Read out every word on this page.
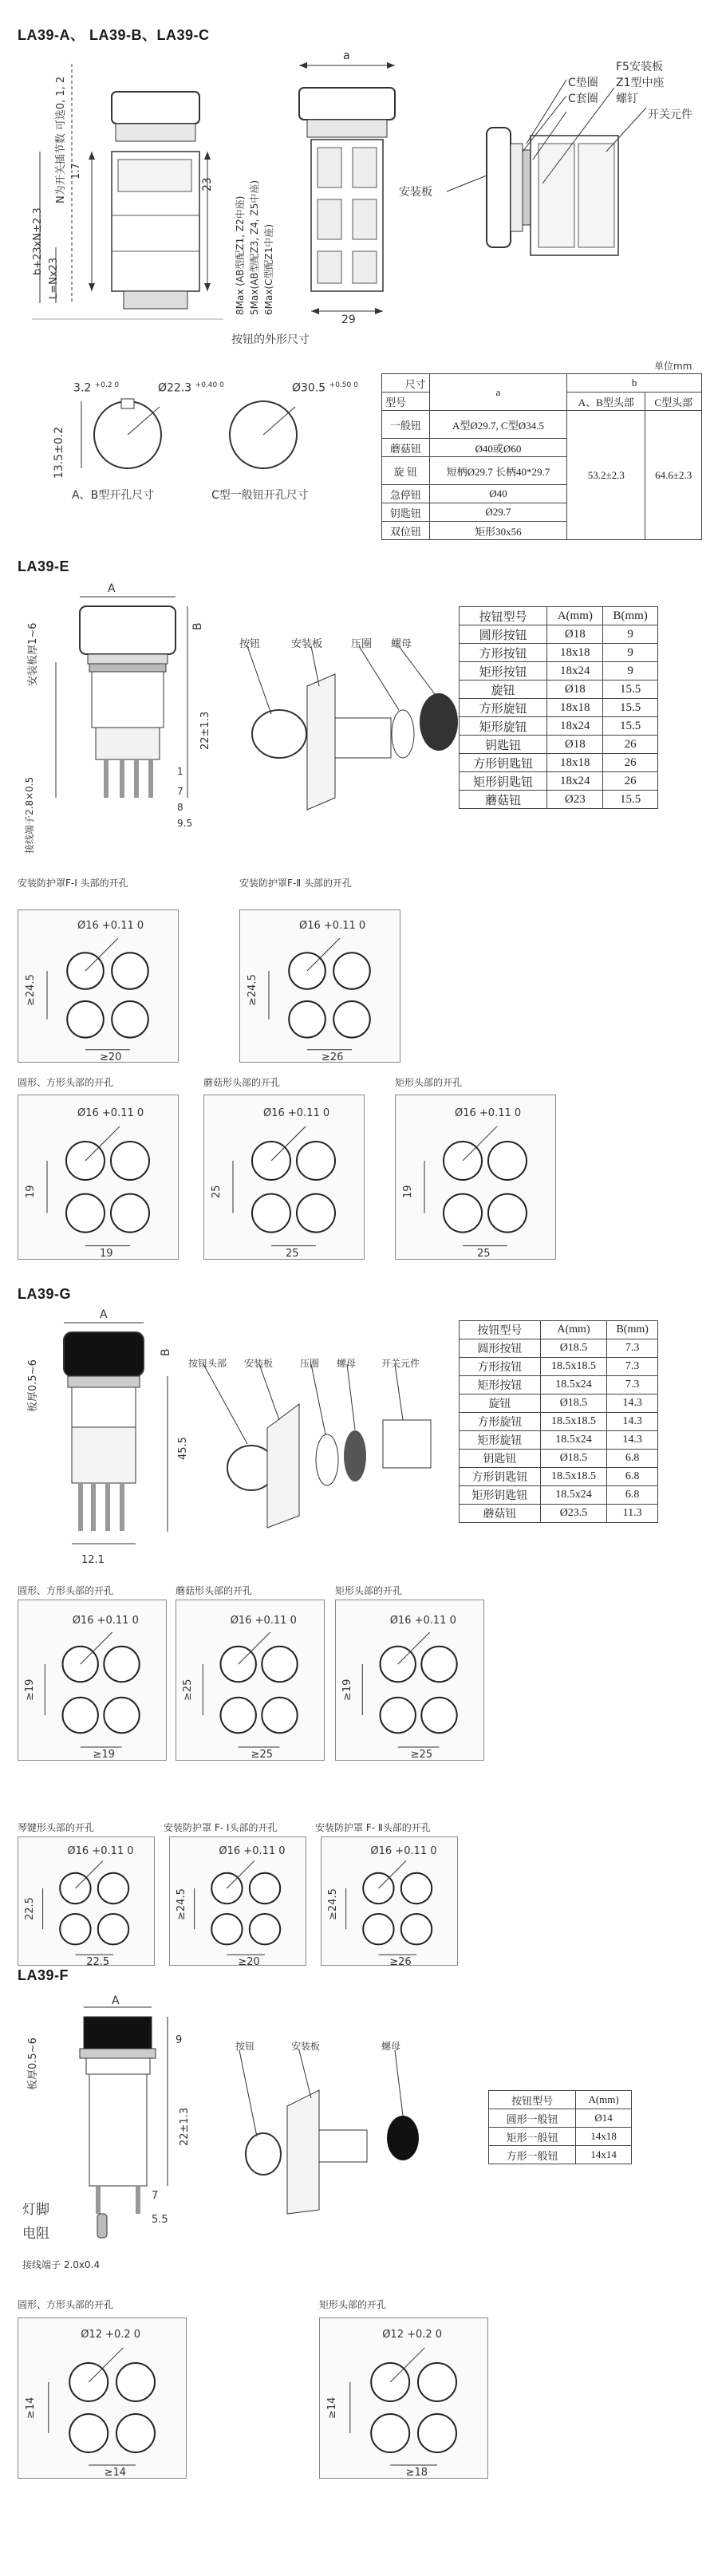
LA39-A、 LA39-B、LA39-C
N为开关插节数 可选0, 1, 2
b+23xN±2.3
L=Nx23
1.7
23
a
29
按钮的外形尺寸
8Max (AB型配Z1, Z2中座) 5Max(AB型配Z3, Z4, Z5中座) 6Max(C型配Z1中座)
C垫圈
C套圈
F5安装板
Z1型中座
螺钉
开关元件
安装板
Ø22.3 $^{+0.40 0}$
3.2 $^{+0.2 0}$
13.5±0.2
A、B型开孔尺寸
Ø30.5 $^{+0.50 0}$
C型一般钮开孔尺寸
单位mm
尺寸	a	b	
型号		A、B型头部	C型头部
一般钮	A型Ø29.7, C型Ø34.5	53.2±2.3	64.6±2.3
蘑菇钮	Ø40或Ø60		
旋 钮	短柄Ø29.7 长柄40*29.7		
急停钮	Ø40		
钥匙钮	Ø29.7		
双位钮	矩形30x56		
LA39-E
A
B
安装板厚1~6
22±1.3
1
7
8
9.5
接线端子2.8×0.5
按钮	安装板	压圈 螺母
按钮型号	A(mm)	B(mm)
圆形按钮	Ø18	9
方形按钮	18x18	9
矩形按钮	18x24	9
旋钮	Ø18	15.5
方形旋钮	18x18	15.5
矩形旋钮	18x24	15.5
钥匙钮	Ø18	26
方形钥匙钮	18x18	26
矩形钥匙钮	18x24	26
蘑菇钮	Ø23	15.5
安装防护罩F-Ⅰ 头部的开孔	安装防护罩F-Ⅱ 头部的开孔
圆形、方形头部的开孔	蘑菇形头部的开孔	矩形头部的开孔
LA39-G
A
B
板厚0.5~6
45.5
12.1
按钮头部 安装板	压圈 螺母	开关元件
按钮型号	A(mm)	B(mm)
圆形按钮	Ø18.5	7.3
方形按钮	18.5x18.5	7.3
矩形按钮	18.5x24	7.3
旋钮	Ø18.5	14.3
方形旋钮	18.5x18.5	14.3
矩形旋钮	18.5x24	14.3
钥匙钮	Ø18.5	6.8
方形钥匙钮	18.5x18.5	6.8
矩形钥匙钮	18.5x24	6.8
蘑菇钮	Ø23.5	11.3
圆形、方形头部的开孔	蘑菇形头部的开孔	矩形头部的开孔
琴键形头部的开孔	安装防护罩 F- Ⅰ头部的开孔	安装防护罩 F- Ⅱ头部的开孔
LA39-F
A
板厚0.5~6	9
22±1.3
7
5.5
灯脚
电阻
接线端子 2.0x0.4
按钮	安装板	螺母
按钮型号	A(mm)
圆形一般钮	Ø14
矩形一般钮	14x18
方形一般钮	14x14
圆形、方形头部的开孔	矩形头部的开孔
Ø16 +0.11 0
≥24.5
≥20
Ø16 +0.11 0
≥24.5
≥26
Ø16 +0.11 0
19
19
Ø16 +0.11 0
25
25
Ø16 +0.11 0
19
25
Ø16 +0.11 0
≥19
≥19
Ø16 +0.11 0
≥25
≥25
Ø16 +0.11 0
≥19
≥25
Ø16 +0.11 0
22.5
22.5
Ø16 +0.11 0
≥24.5
≥20
Ø16 +0.11 0
≥24.5
≥26
Ø12 +0.2 0
≥14
≥14
Ø12 +0.2 0
≥14
≥18
